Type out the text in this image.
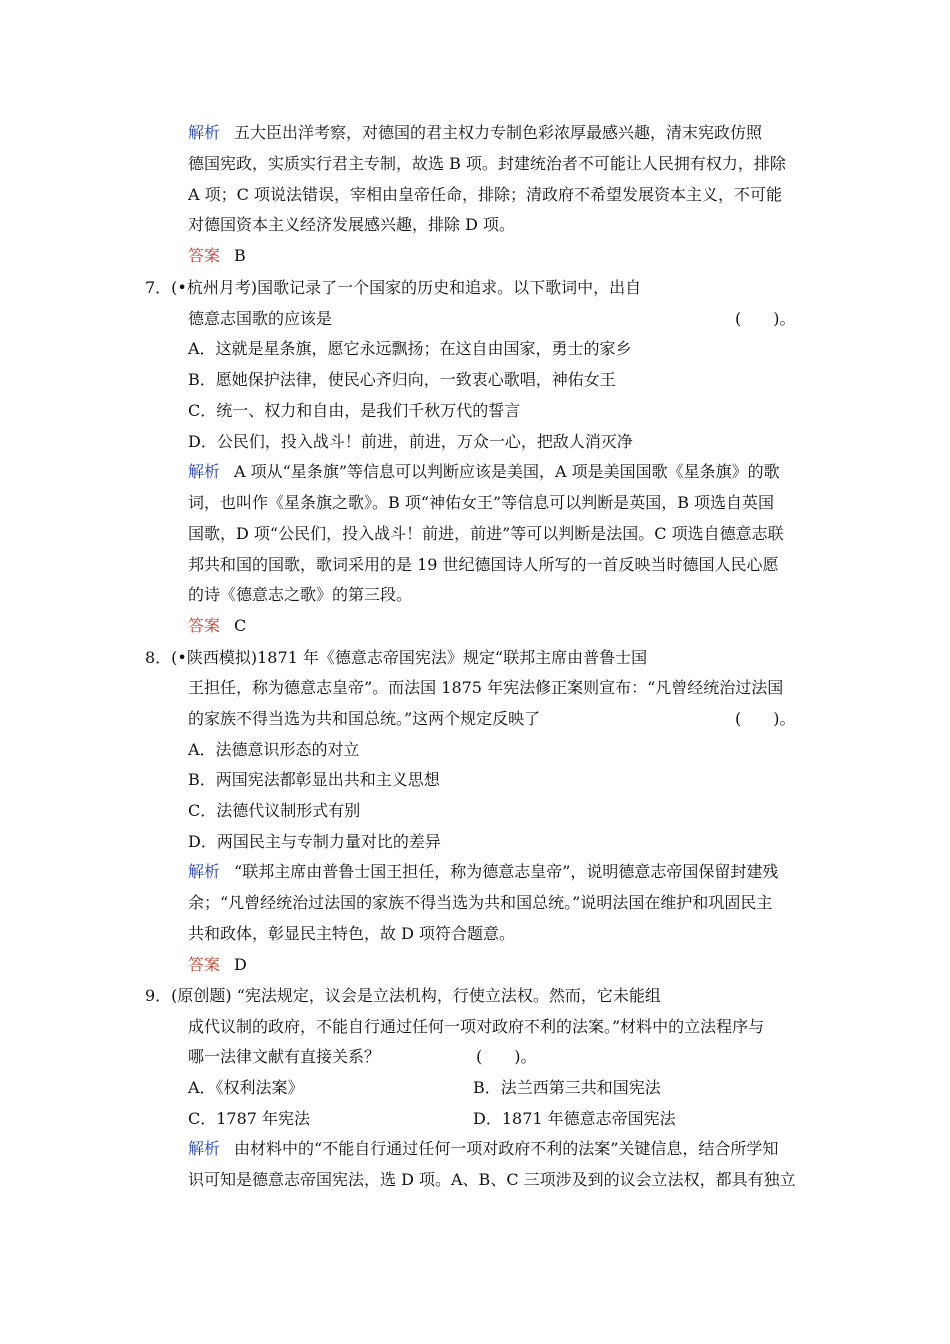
解析 五大臣出洋考察，对德国的君主权力专制色彩浓厚最感兴趣，清末宪政仿照
德国宪政，实质实行君主专制，故选 B 项。封建统治者不可能让人民拥有权力，排除
A 项；C 项说法错误，宰相由皇帝任命，排除；清政府不希望发展资本主义，不可能
对德国资本主义经济发展感兴趣，排除 D 项。
答案 B
7．(•杭州月考)国歌记录了一个国家的历史和追求。以下歌词中，出自
德意志国歌的应该是	(　　)。
A．这就是星条旗，愿它永远飘扬；在这自由国家，勇士的家乡
B．愿她保护法律，使民心齐归向，一致衷心歌唱，神佑女王
C．统一、权力和自由，是我们千秋万代的誓言
D．公民们，投入战斗！前进，前进，万众一心，把敌人消灭净
解析 A 项从“星条旗”等信息可以判断应该是美国，A 项是美国国歌《星条旗》的歌
词，也叫作《星条旗之歌》。B 项“神佑女王”等信息可以判断是英国，B 项选自英国
国歌，D 项“公民们，投入战斗！前进，前进”等可以判断是法国。C 项选自德意志联
邦共和国的国歌，歌词采用的是 19 世纪德国诗人所写的一首反映当时德国人民心愿
的诗《德意志之歌》的第三段。
答案 C
8．(•陕西模拟)1871 年《德意志帝国宪法》规定“联邦主席由普鲁士国
王担任，称为德意志皇帝”。而法国 1875 年宪法修正案则宣布：“凡曾经统治过法国
的家族不得当选为共和国总统。”这两个规定反映了	(　　)。
A．法德意识形态的对立
B．两国宪法都彰显出共和主义思想
C．法德代议制形式有别
D．两国民主与专制力量对比的差异
解析 “联邦主席由普鲁士国王担任，称为德意志皇帝”，说明德意志帝国保留封建残
余；“凡曾经统治过法国的家族不得当选为共和国总统。”说明法国在维护和巩固民主
共和政体，彰显民主特色，故 D 项符合题意。
答案 D
9．(原创题) “宪法规定，议会是立法机构，行使立法权。然而，它未能组
成代议制的政府，不能自行通过任何一项对政府不利的法案。”材料中的立法程序与
哪一法律文献有直接关系？	(　　)。
A．《权利法案》	B．法兰西第三共和国宪法
C．1787 年宪法	D．1871 年德意志帝国宪法
解析 由材料中的“不能自行通过任何一项对政府不利的法案”关键信息，结合所学知
识可知是德意志帝国宪法，选 D 项。A、B、C 三项涉及到的议会立法权，都具有独立
